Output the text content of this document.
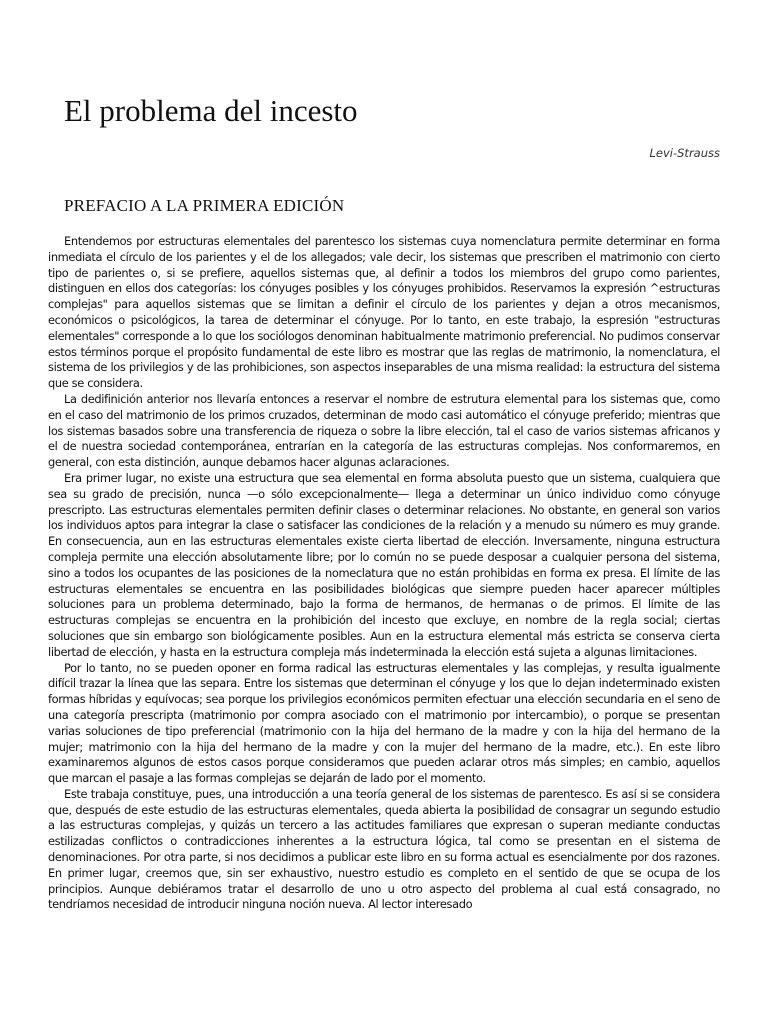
El problema del incesto
Levi-Strauss
PREFACIO A LA PRIMERA EDICIÓN

Entendemos por estructuras elementales del parentesco los sistemas cuya nomenclatura permite determinar en forma inmediata el círculo de los parientes y el de los allegados; vale decir, los sistemas que prescriben el matrimonio con cierto tipo de parientes o, si se prefiere, aquellos sistemas que, al definir a todos los miembros del grupo como parientes, distinguen en ellos dos categorías: los cónyuges posibles y los cónyuges prohibidos. Reservamos la expresión ^estructuras complejas" para aquellos sistemas que se limitan a definir el círculo de los parientes y dejan a otros mecanismos, económicos o psicológicos, la tarea de determinar el cónyuge. Por lo tanto, en este trabajo, la espresión "estructuras elementales" corresponde a lo que los sociólogos denominan habitualmente matrimonio preferencial. No pudimos conservar estos términos porque el propósito fundamental de este libro es mostrar que las reglas de matrimonio, la nomenclatura, el sistema de los privilegios y de las prohibiciones, son aspectos inseparables de una misma realidad: la estructura del sistema que se considera.

La dedifinición anterior nos llevaría entonces a reservar el nombre de estrutura elemental para los sistemas que, como en el caso del matrimonio de los primos cruzados, determinan de modo casi automático el cónyuge preferido; mientras que los sistemas basados sobre una transferencia de riqueza o sobre la libre elección, tal el caso de varios sistemas africanos y el de nuestra sociedad contemporánea, entrarían en la categoría de las estructuras complejas. Nos conformaremos, en general, con esta distinción, aunque debamos hacer algunas aclaraciones.

Era primer lugar, no existe una estructura que sea elemental en forma absoluta puesto que un sistema, cualquiera que sea su grado de precisión, nunca —o sólo excepcionalmente— llega a determinar un único individuo como cónyuge prescripto. Las estructuras elementales permiten definir clases o determinar relaciones. No obstante, en general son varios los individuos aptos para integrar la clase o satisfacer las condiciones de la relación y a menudo su número es muy grande. En consecuencia, aun en las estructuras elementales existe cierta libertad de elección. Inversamente, ninguna estructura compleja permite una elección absolutamente libre; por lo común no se puede desposar a cualquier persona del sistema, sino a todos los ocupantes de las posiciones de la nomeclatura que no están prohibidas en forma ex presa. El límite de las estructuras elementales se encuentra en las posibilidades biológicas que siempre pueden hacer aparecer múltiples soluciones para un problema determinado, bajo la forma de hermanos, de hermanas o de primos. El límite de las estructuras complejas se encuentra en la prohibición del incesto que excluye, en nombre de la regla social; ciertas soluciones que sin embargo son biológicamente posibles. Aun en la estructura elemental más estricta se conserva cierta libertad de elección, y hasta en la estructura compleja más indeterminada la elección está sujeta a algunas limitaciones.

Por lo tanto, no se pueden oponer en forma radical las estructuras elementales y las complejas, y resulta igualmente difícil trazar la línea que las separa. Entre los sistemas que determinan el cónyuge y los que lo dejan indeterminado existen formas híbridas y equívocas; sea porque los privilegios económicos permiten efectuar una elección secundaria en el seno de una categoría prescripta (matrimonio por compra asociado con el matrimonio por intercambio), o porque se presentan varias soluciones de tipo preferencial (matrimonio con la hija del hermano de la madre y con la hija del hermano de la mujer; matrimonio con la hija del hermano de la madre y con la mujer del hermano de la madre, etc.). En este libro examinaremos algunos de estos casos porque consideramos que pueden aclarar otros más simples; en cambio, aquellos que marcan el pasaje a las formas complejas se dejarán de lado por el momento.

Este trabaja constituye, pues, una introducción a una teoría general de los sistemas de parentesco. Es así si se considera que, después de este estudio de las estructuras elementales, queda abierta la posibilidad de consagrar un segundo estudio a las estructuras complejas, y quizás un tercero a las actitudes familiares que expresan o superan mediante conductas estilizadas conflictos o contradicciones inherentes a la estructura lógica, tal como se presentan en el sistema de denominaciones. Por otra parte, si nos decidimos a publicar este libro en su forma actual es esencialmente por dos razones. En primer lugar, creemos que, sin ser exhaustivo, nuestro estudio es completo en el sentido de que se ocupa de los principios. Aunque debiéramos tratar el desarrollo de uno u otro aspecto del problema al cual está consagrado, no tendríamos necesidad de introducir ninguna noción nueva. Al lector interesado
